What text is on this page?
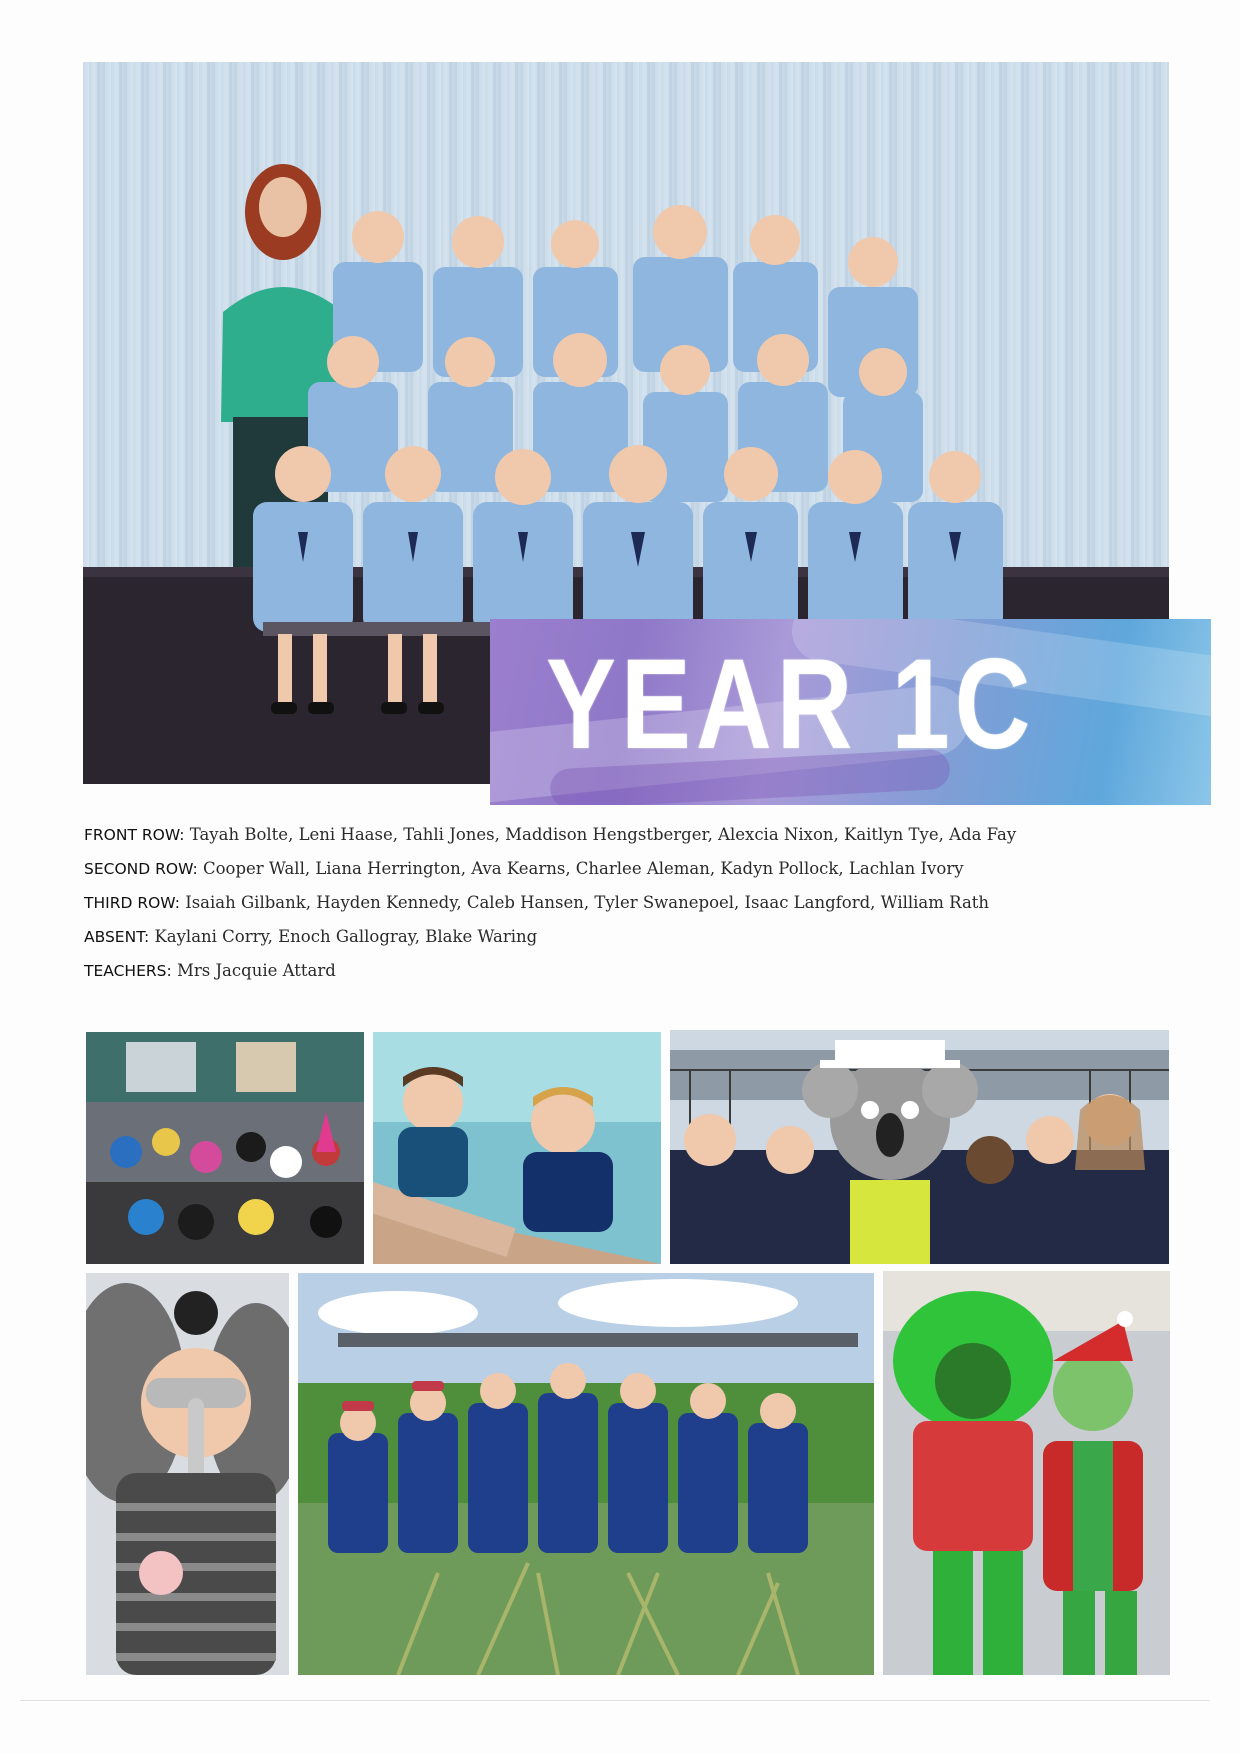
YEAR 1C
FRONT ROW: Tayah Bolte, Leni Haase, Tahli Jones, Maddison Hengstberger, Alexcia Nixon, Kaitlyn Tye, Ada Fay
SECOND ROW: Cooper Wall, Liana Herrington, Ava Kearns, Charlee Aleman, Kadyn Pollock, Lachlan Ivory
THIRD ROW: Isaiah Gilbank, Hayden Kennedy, Caleb Hansen, Tyler Swanepoel, Isaac Langford, William Rath
ABSENT: Kaylani Corry, Enoch Gallogray, Blake Waring
TEACHERS: Mrs Jacquie Attard
